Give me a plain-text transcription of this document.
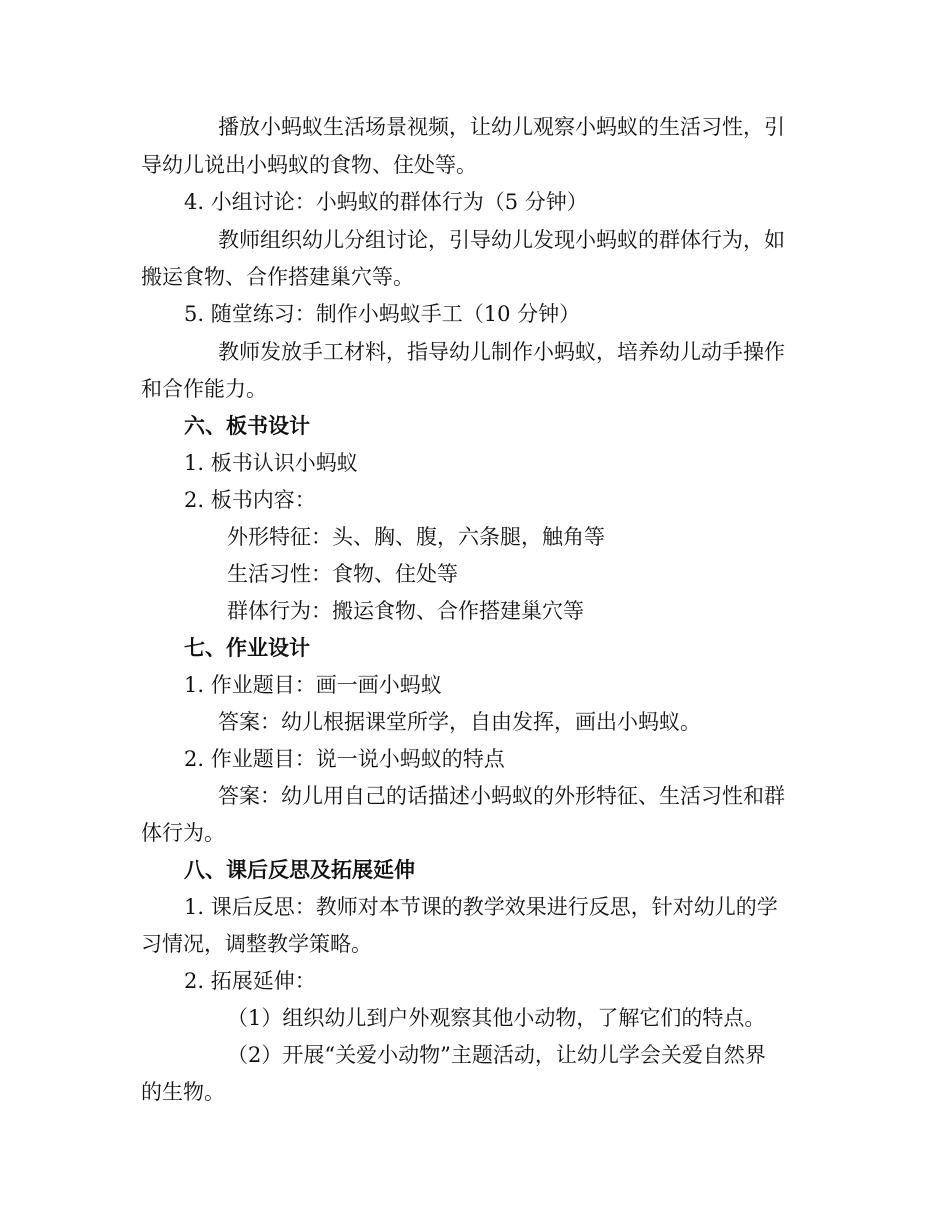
播放小蚂蚁生活场景视频，让幼儿观察小蚂蚁的生活习性，引
导幼儿说出小蚂蚁的食物、住处等。
4. 小组讨论：小蚂蚁的群体行为（5 分钟）
教师组织幼儿分组讨论，引导幼儿发现小蚂蚁的群体行为，如
搬运食物、合作搭建巢穴等。
5. 随堂练习：制作小蚂蚁手工（10 分钟）
教师发放手工材料，指导幼儿制作小蚂蚁，培养幼儿动手操作
和合作能力。
六、板书设计
1. 板书认识小蚂蚁
2. 板书内容：
外形特征：头、胸、腹，六条腿，触角等
生活习性：食物、住处等
群体行为：搬运食物、合作搭建巢穴等
七、作业设计
1. 作业题目：画一画小蚂蚁
答案：幼儿根据课堂所学，自由发挥，画出小蚂蚁。
2. 作业题目：说一说小蚂蚁的特点
答案：幼儿用自己的话描述小蚂蚁的外形特征、生活习性和群
体行为。
八、课后反思及拓展延伸
1. 课后反思：教师对本节课的教学效果进行反思，针对幼儿的学
习情况，调整教学策略。
2. 拓展延伸：
（1）组织幼儿到户外观察其他小动物，了解它们的特点。
（2）开展“关爱小动物”主题活动，让幼儿学会关爱自然界
的生物。
